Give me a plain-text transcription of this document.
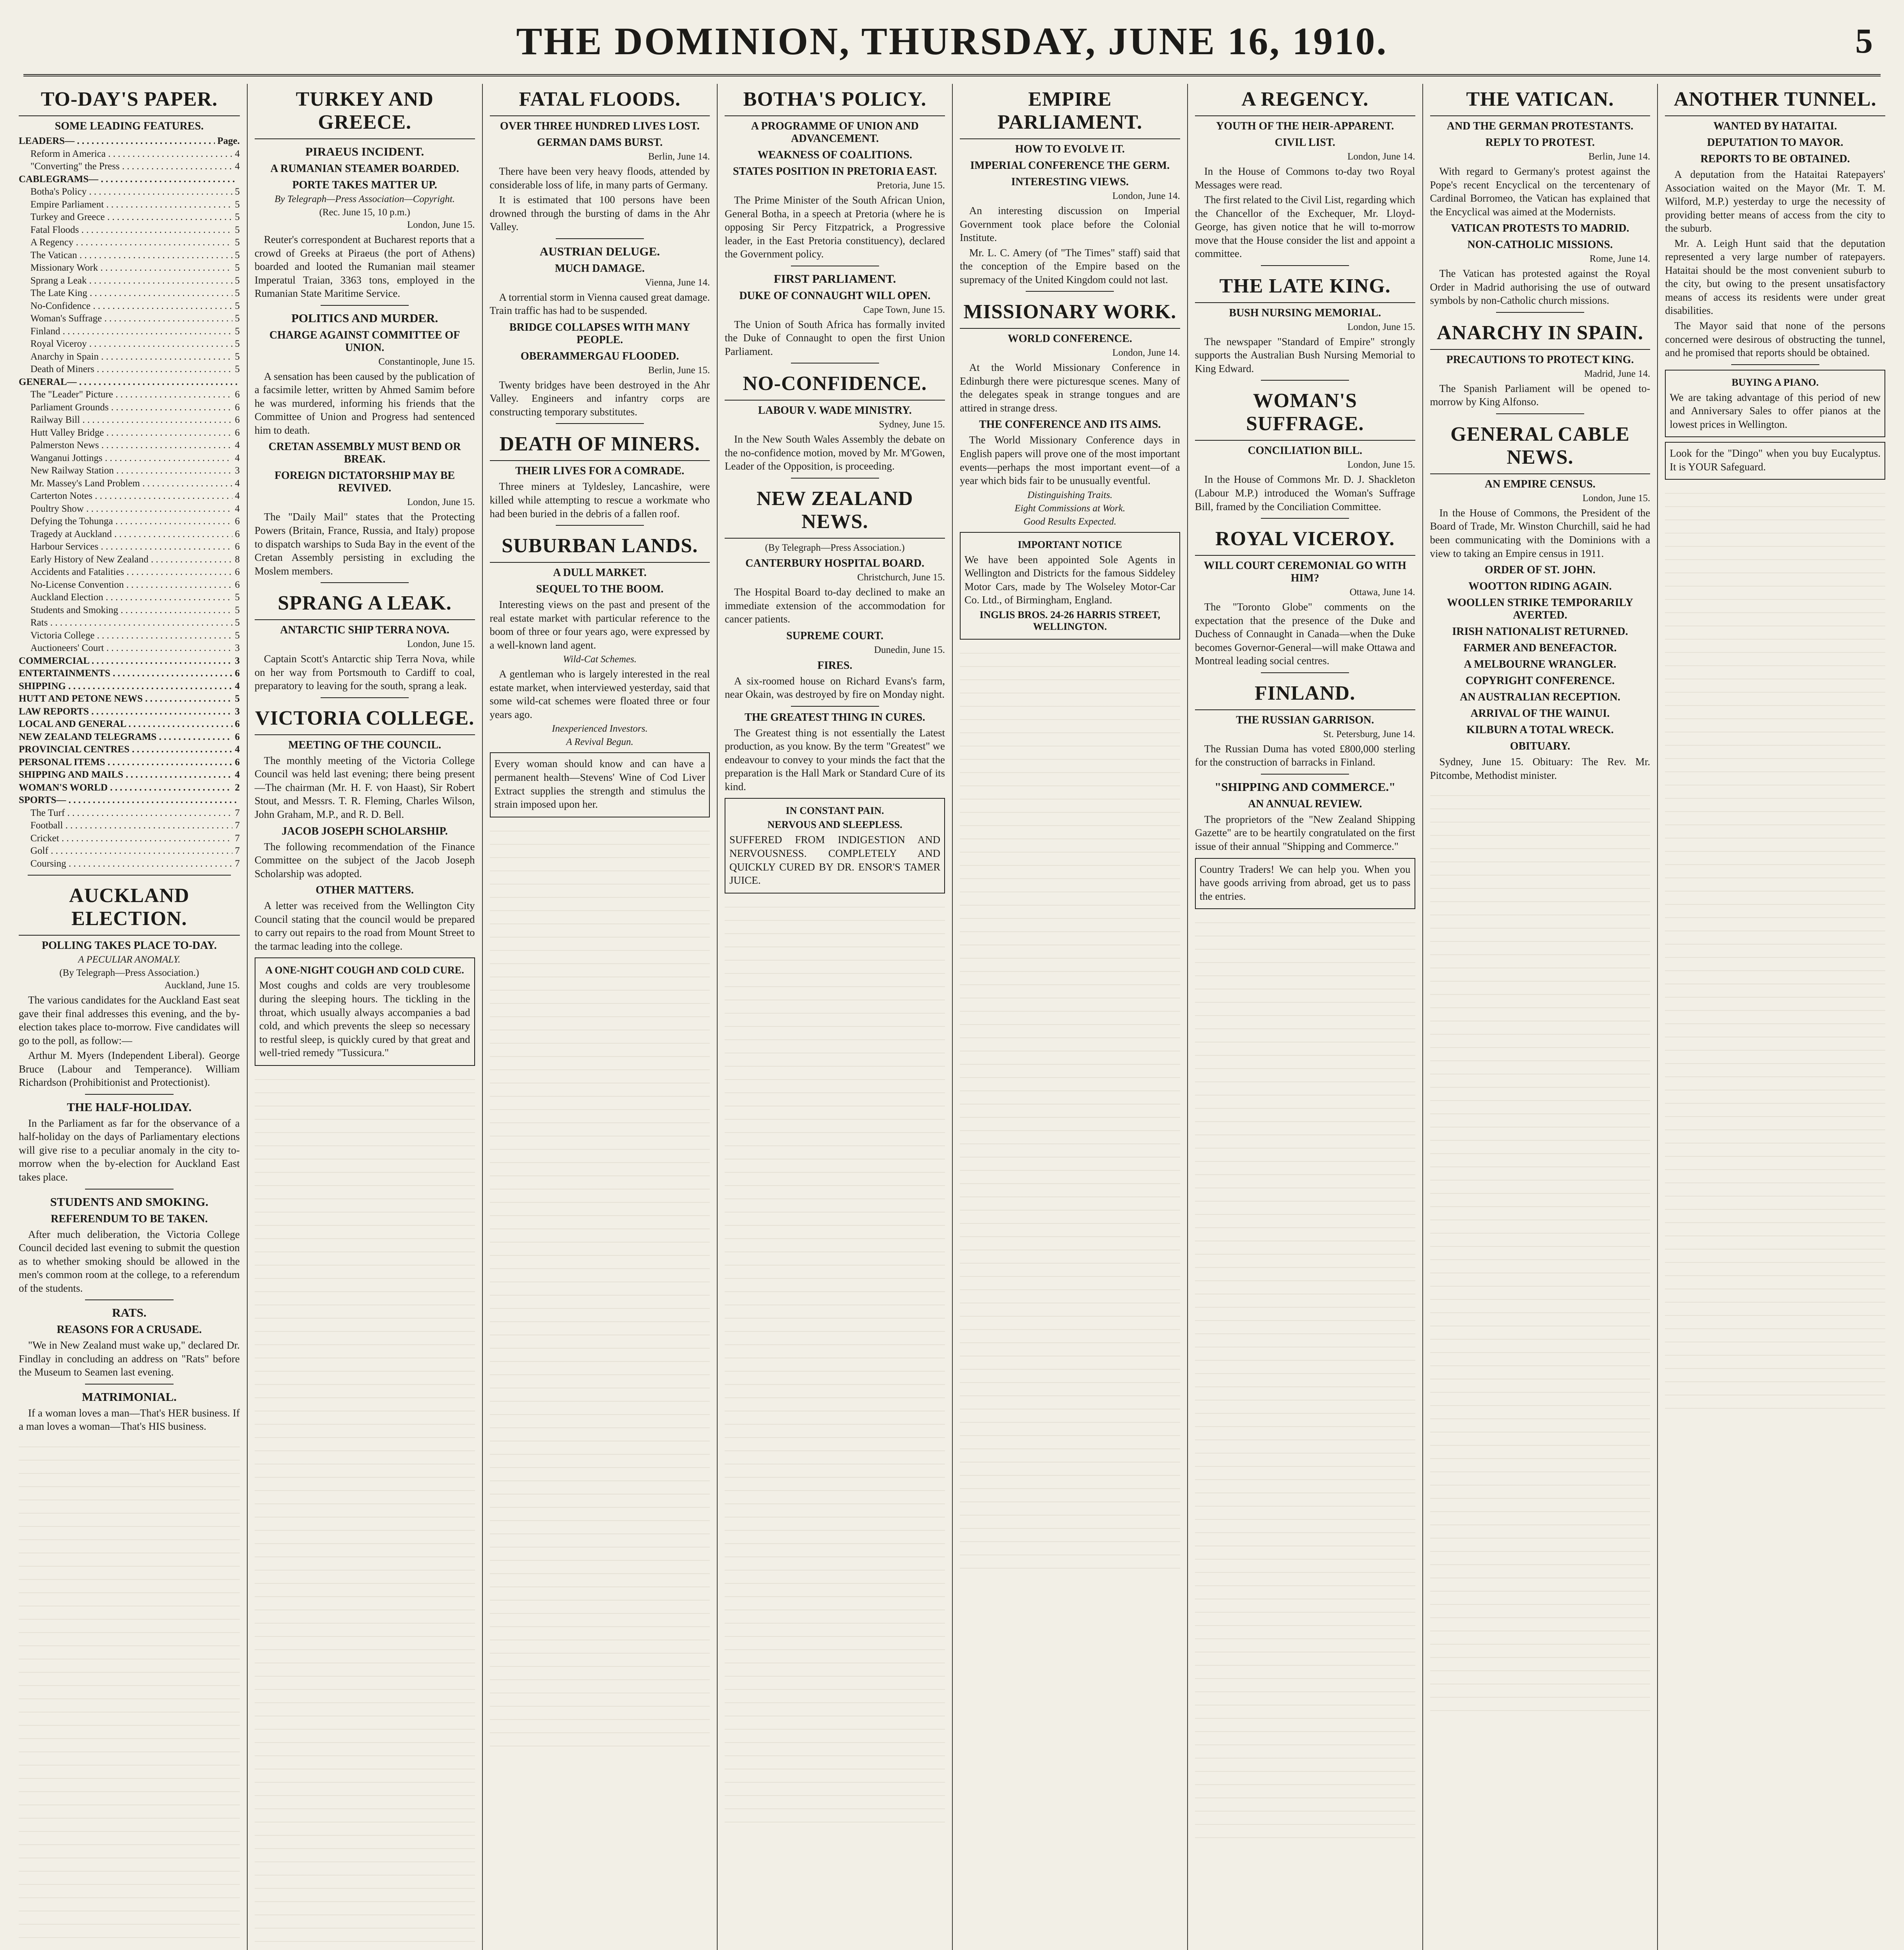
THE DOMINION, THURSDAY, JUNE 16, 1910.	5
TO-DAY'S PAPER.
SOME LEADING FEATURES.
LEADERS— . . .	Page.
Reform in America . . .	4
"Converting" the Press . . .	4
CABLEGRAMS— . . .
Botha's Policy . . .	5
Empire Parliament . . .	5
Turkey and Greece . . .	5
Fatal Floods . . .	5
A Regency . . .	5
The Vatican . . .	5
Missionary Work . . .	5
Sprang a Leak . . .	5
The Late King . . .	5
No-Confidence . . .	5
Woman's Suffrage . . .	5
Finland . . .	5
Royal Viceroy . . .	5
Anarchy in Spain . . .	5
Death of Miners . . .	5
GENERAL— . . .
The "Leader" Picture . . .	6
Parliament Grounds . . .	6
Railway Bill . . .	6
Hutt Valley Bridge . . .	6
Palmerston News . . .	4
Wanganui Jottings . . .	4
New Railway Station . . .	3
Mr. Massey's Land Problem . . .	4
Carterton Notes . . .	4
Poultry Show . . .	4
Defying the Tohunga . . .	6
Tragedy at Auckland . . .	6
Harbour Services . . .	6
Early History of New Zealand . . .	8
Accidents and Fatalities . . .	6
No-License Convention . . .	6
Auckland Election . . .	5
Students and Smoking . . .	5
Rats . . .	5
Victoria College . . .	5
Auctioneers' Court . . .	3
COMMERCIAL . . .	3
ENTERTAINMENTS . . .	6
SHIPPING . . .	4
HUTT AND PETONE NEWS . . .	5
LAW REPORTS . . .	3
LOCAL AND GENERAL . . .	6
NEW ZEALAND TELEGRAMS . . .	6
PROVINCIAL CENTRES . . .	4
PERSONAL ITEMS . . .	6
SHIPPING AND MAILS . . .	4
WOMAN'S WORLD . . .	2
SPORTS— . . .
The Turf . . .	7
Football . . .	7
Cricket . . .	7
Golf . . .	7
Coursing . . .	7
AUCKLAND ELECTION.
POLLING TAKES PLACE TO-DAY.
A PECULIAR ANOMALY.
(By Telegraph—Press Association.)
Auckland, June 15.

The various candidates for the Auckland East seat gave their final addresses this evening, and the by-election takes place to-morrow. Five candidates will go to the poll, as follow:—

Arthur M. Myers (Independent Liberal). George Bruce (Labour and Temperance). William Richardson (Prohibitionist and Protectionist).

THE HALF-HOLIDAY.

In the Parliament as far for the observance of a half-holiday on the days of Parliamentary elections will give rise to a peculiar anomaly in the city to-morrow when the by-election for Auckland East takes place.

STUDENTS AND SMOKING.
REFERENDUM TO BE TAKEN.

After much deliberation, the Victoria College Council decided last evening to submit the question as to whether smoking should be allowed in the men's common room at the college, to a referendum of the students.

RATS.
REASONS FOR A CRUSADE.

"We in New Zealand must wake up," declared Dr. Findlay in concluding an address on "Rats" before the Museum to Seamen last evening.

MATRIMONIAL.

If a woman loves a man—That's HER business. If a man loves a woman—That's HIS business.

TURKEY AND GREECE.
PIRAEUS INCIDENT.
A RUMANIAN STEAMER BOARDED.
PORTE TAKES MATTER UP.
By Telegraph—Press Association—Copyright.
(Rec. June 15, 10 p.m.)
London, June 15.

Reuter's correspondent at Bucharest reports that a crowd of Greeks at Piraeus (the port of Athens) boarded and looted the Rumanian mail steamer Imperatul Traian, 3363 tons, employed in the Rumanian State Maritime Service.

POLITICS AND MURDER.
CHARGE AGAINST COMMITTEE OF UNION.
Constantinople, June 15.

A sensation has been caused by the publication of a facsimile letter, written by Ahmed Samim before he was murdered, informing his friends that the Committee of Union and Progress had sentenced him to death.

CRETAN ASSEMBLY MUST BEND OR BREAK.
FOREIGN DICTATORSHIP MAY BE REVIVED.
London, June 15.

The "Daily Mail" states that the Protecting Powers (Britain, France, Russia, and Italy) propose to dispatch warships to Suda Bay in the event of the Cretan Assembly persisting in excluding the Moslem members.

SPRANG A LEAK.
ANTARCTIC SHIP TERRA NOVA.
London, June 15.

Captain Scott's Antarctic ship Terra Nova, while on her way from Portsmouth to Cardiff to coal, preparatory to leaving for the south, sprang a leak.

VICTORIA COLLEGE.
MEETING OF THE COUNCIL.

The monthly meeting of the Victoria College Council was held last evening; there being present—The chairman (Mr. H. F. von Haast), Sir Robert Stout, and Messrs. T. R. Fleming, Charles Wilson, John Graham, M.P., and R. D. Bell.

JACOB JOSEPH SCHOLARSHIP.

The following recommendation of the Finance Committee on the subject of the Jacob Joseph Scholarship was adopted.

OTHER MATTERS.

A letter was received from the Wellington City Council stating that the council would be prepared to carry out repairs to the road from Mount Street to the tarmac leading into the college.

A ONE-NIGHT COUGH AND COLD CURE.

Most coughs and colds are very troublesome during the sleeping hours. The tickling in the throat, which usually always accompanies a bad cold, and which prevents the sleep so necessary to restful sleep, is quickly cured by that great and well-tried remedy "Tussicura."

FATAL FLOODS.
OVER THREE HUNDRED LIVES LOST.
GERMAN DAMS BURST.
Berlin, June 14.

There have been very heavy floods, attended by considerable loss of life, in many parts of Germany.

It is estimated that 100 persons have been drowned through the bursting of dams in the Ahr Valley.

AUSTRIAN DELUGE.
MUCH DAMAGE.
Vienna, June 14.

A torrential storm in Vienna caused great damage. Train traffic has had to be suspended.

BRIDGE COLLAPSES WITH MANY PEOPLE.
OBERAMMERGAU FLOODED.
Berlin, June 15.

Twenty bridges have been destroyed in the Ahr Valley. Engineers and infantry corps are constructing temporary substitutes.

DEATH OF MINERS.
THEIR LIVES FOR A COMRADE.

Three miners at Tyldesley, Lancashire, were killed while attempting to rescue a workmate who had been buried in the debris of a fallen roof.

SUBURBAN LANDS.
A DULL MARKET.
SEQUEL TO THE BOOM.

Interesting views on the past and present of the real estate market with particular reference to the boom of three or four years ago, were expressed by a well-known land agent.

Wild-Cat Schemes.

A gentleman who is largely interested in the real estate market, when interviewed yesterday, said that some wild-cat schemes were floated three or four years ago.

Inexperienced Investors.
A Revival Begun.

Every woman should know and can have a permanent health—Stevens' Wine of Cod Liver Extract supplies the strength and stimulus the strain imposed upon her.

BOTHA'S POLICY.
A PROGRAMME OF UNION AND ADVANCEMENT.
WEAKNESS OF COALITIONS.
STATES POSITION IN PRETORIA EAST.
Pretoria, June 15.

The Prime Minister of the South African Union, General Botha, in a speech at Pretoria (where he is opposing Sir Percy Fitzpatrick, a Progressive leader, in the East Pretoria constituency), declared the Government policy.

FIRST PARLIAMENT.
DUKE OF CONNAUGHT WILL OPEN.
Cape Town, June 15.

The Union of South Africa has formally invited the Duke of Connaught to open the first Union Parliament.

NO-CONFIDENCE.
LABOUR V. WADE MINISTRY.
Sydney, June 15.

In the New South Wales Assembly the debate on the no-confidence motion, moved by Mr. M'Gowen, Leader of the Opposition, is proceeding.

NEW ZEALAND NEWS.
(By Telegraph—Press Association.)
CANTERBURY HOSPITAL BOARD.
Christchurch, June 15.

The Hospital Board to-day declined to make an immediate extension of the accommodation for cancer patients.

SUPREME COURT.
Dunedin, June 15.
FIRES.

A six-roomed house on Richard Evans's farm, near Okain, was destroyed by fire on Monday night.

THE GREATEST THING IN CURES.

The Greatest thing is not essentially the Latest production, as you know. By the term "Greatest" we endeavour to convey to your minds the fact that the preparation is the Hall Mark or Standard Cure of its kind.

IN CONSTANT PAIN.
NERVOUS AND SLEEPLESS.

SUFFERED FROM INDIGESTION AND NERVOUSNESS. COMPLETELY AND QUICKLY CURED BY DR. ENSOR'S TAMER JUICE.

EMPIRE PARLIAMENT.
HOW TO EVOLVE IT.
IMPERIAL CONFERENCE THE GERM.
INTERESTING VIEWS.
London, June 14.

An interesting discussion on Imperial Government took place before the Colonial Institute.

Mr. L. C. Amery (of "The Times" staff) said that the conception of the Empire based on the supremacy of the United Kingdom could not last.

MISSIONARY WORK.
WORLD CONFERENCE.
London, June 14.

At the World Missionary Conference in Edinburgh there were picturesque scenes. Many of the delegates speak in strange tongues and are attired in strange dress.

THE CONFERENCE AND ITS AIMS.

The World Missionary Conference days in English papers will prove one of the most important events—perhaps the most important event—of a year which bids fair to be unusually eventful.

Distinguishing Traits.
Eight Commissions at Work.
Good Results Expected.
IMPORTANT NOTICE

We have been appointed Sole Agents in Wellington and Districts for the famous Siddeley Motor Cars, made by The Wolseley Motor-Car Co. Ltd., of Birmingham, England.

INGLIS BROS. 24-26 HARRIS STREET, WELLINGTON.
A REGENCY.
YOUTH OF THE HEIR-APPARENT.
CIVIL LIST.
London, June 14.

In the House of Commons to-day two Royal Messages were read.

The first related to the Civil List, regarding which the Chancellor of the Exchequer, Mr. Lloyd-George, has given notice that he will to-morrow move that the House consider the list and appoint a committee.

THE LATE KING.
BUSH NURSING MEMORIAL.
London, June 15.

The newspaper "Standard of Empire" strongly supports the Australian Bush Nursing Memorial to King Edward.

WOMAN'S SUFFRAGE.
CONCILIATION BILL.
London, June 15.

In the House of Commons Mr. D. J. Shackleton (Labour M.P.) introduced the Woman's Suffrage Bill, framed by the Conciliation Committee.

ROYAL VICEROY.
WILL COURT CEREMONIAL GO WITH HIM?
Ottawa, June 14.

The "Toronto Globe" comments on the expectation that the presence of the Duke and Duchess of Connaught in Canada—when the Duke becomes Governor-General—will make Ottawa and Montreal leading social centres.

FINLAND.
THE RUSSIAN GARRISON.
St. Petersburg, June 14.

The Russian Duma has voted £800,000 sterling for the construction of barracks in Finland.

"SHIPPING AND COMMERCE."
AN ANNUAL REVIEW.

The proprietors of the "New Zealand Shipping Gazette" are to be heartily congratulated on the first issue of their annual "Shipping and Commerce."

Country Traders! We can help you. When you have goods arriving from abroad, get us to pass the entries.

THE VATICAN.
AND THE GERMAN PROTESTANTS.
REPLY TO PROTEST.
Berlin, June 14.

With regard to Germany's protest against the Pope's recent Encyclical on the tercentenary of Cardinal Borromeo, the Vatican has explained that the Encyclical was aimed at the Modernists.

VATICAN PROTESTS TO MADRID.
NON-CATHOLIC MISSIONS.
Rome, June 14.

The Vatican has protested against the Royal Order in Madrid authorising the use of outward symbols by non-Catholic church missions.

ANARCHY IN SPAIN.
PRECAUTIONS TO PROTECT KING.
Madrid, June 14.

The Spanish Parliament will be opened to-morrow by King Alfonso.

GENERAL CABLE NEWS.
AN EMPIRE CENSUS.
London, June 15.

In the House of Commons, the President of the Board of Trade, Mr. Winston Churchill, said he had been communicating with the Dominions with a view to taking an Empire census in 1911.

ORDER OF ST. JOHN.
WOOTTON RIDING AGAIN.
WOOLLEN STRIKE TEMPORARILY AVERTED.
IRISH NATIONALIST RETURNED.
FARMER AND BENEFACTOR.
A MELBOURNE WRANGLER.
COPYRIGHT CONFERENCE.
AN AUSTRALIAN RECEPTION.
ARRIVAL OF THE WAINUI.
KILBURN A TOTAL WRECK.
OBITUARY.

Sydney, June 15. Obituary: The Rev. Mr. Pitcombe, Methodist minister.

ANOTHER TUNNEL.
WANTED BY HATAITAI.
DEPUTATION TO MAYOR.
REPORTS TO BE OBTAINED.

A deputation from the Hataitai Ratepayers' Association waited on the Mayor (Mr. T. M. Wilford, M.P.) yesterday to urge the necessity of providing better means of access from the city to the suburb.

Mr. A. Leigh Hunt said that the deputation represented a very large number of ratepayers. Hataitai should be the most convenient suburb to the city, but owing to the present unsatisfactory means of access its residents were under great disabilities.

The Mayor said that none of the persons concerned were desirous of obstructing the tunnel, and he promised that reports should be obtained.

BUYING A PIANO.

We are taking advantage of this period of new and Anniversary Sales to offer pianos at the lowest prices in Wellington.

Look for the "Dingo" when you buy Eucalyptus. It is YOUR Safeguard.
